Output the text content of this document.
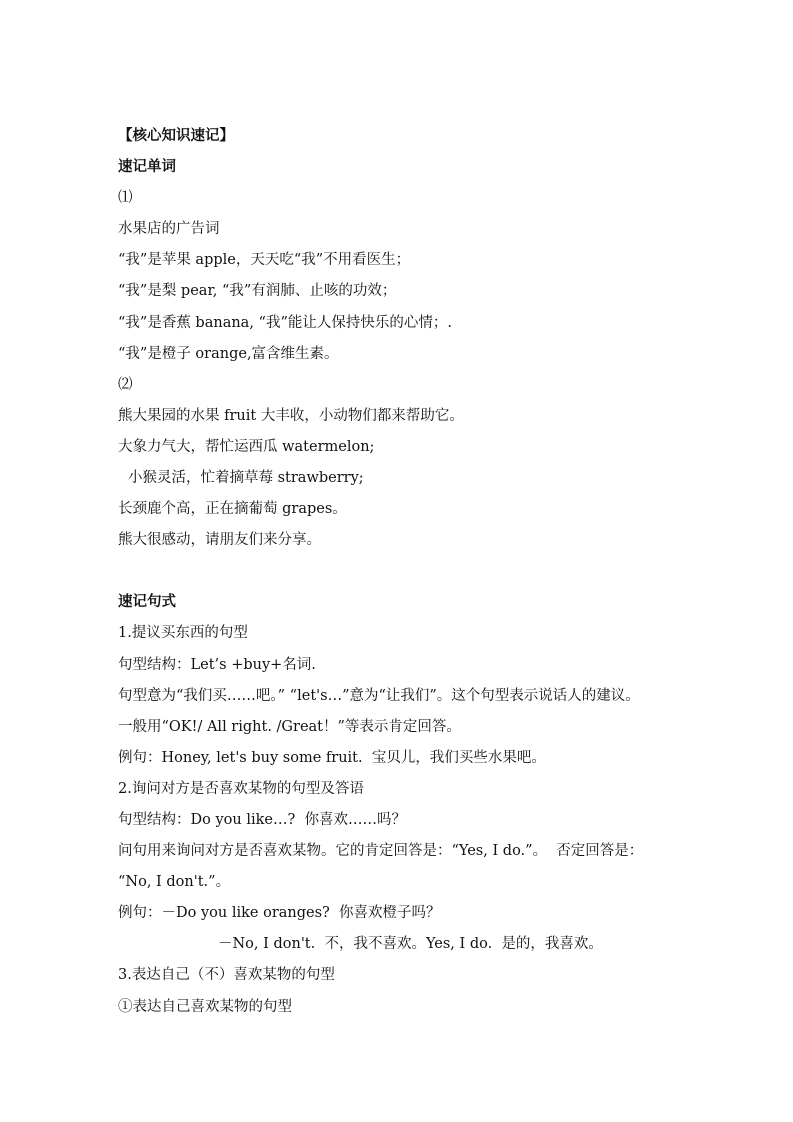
【核心知识速记】
速记单词
⑴
水果店的广告词
“我”是苹果 apple，天天吃“我”不用看医生；
“我”是梨 pear, “我”有润肺、止咳的功效；
“我”是香蕉 banana, “我”能让人保持快乐的心情；.
“我”是橙子 orange,富含维生素。
⑵
熊大果园的水果 fruit 大丰收，小动物们都来帮助它。
大象力气大，帮忙运西瓜 watermelon;
小猴灵活，忙着摘草莓 strawberry;
长颈鹿个高，正在摘葡萄 grapes。
熊大很感动，请朋友们来分享。
速记句式
1.提议买东西的句型
句型结构：Let’s +buy+名词.
句型意为“我们买……吧。” “let's…”意为“让我们”。这个句型表示说话人的建议。
一般用“OK!/ All right. /Great！”等表示肯定回答。
例句：Honey, let's buy some fruit.  宝贝儿，我们买些水果吧。
2.询问对方是否喜欢某物的句型及答语
句型结构：Do you like…?  你喜欢……吗？
问句用来询问对方是否喜欢某物。它的肯定回答是：“Yes, I do.”。  否定回答是：
“No, I don't.”。
例句：－Do you like oranges?  你喜欢橙子吗？
－No, I don't.  不，我不喜欢。Yes, I do.  是的，我喜欢。
3.表达自己（不）喜欢某物的句型
①表达自己喜欢某物的句型
